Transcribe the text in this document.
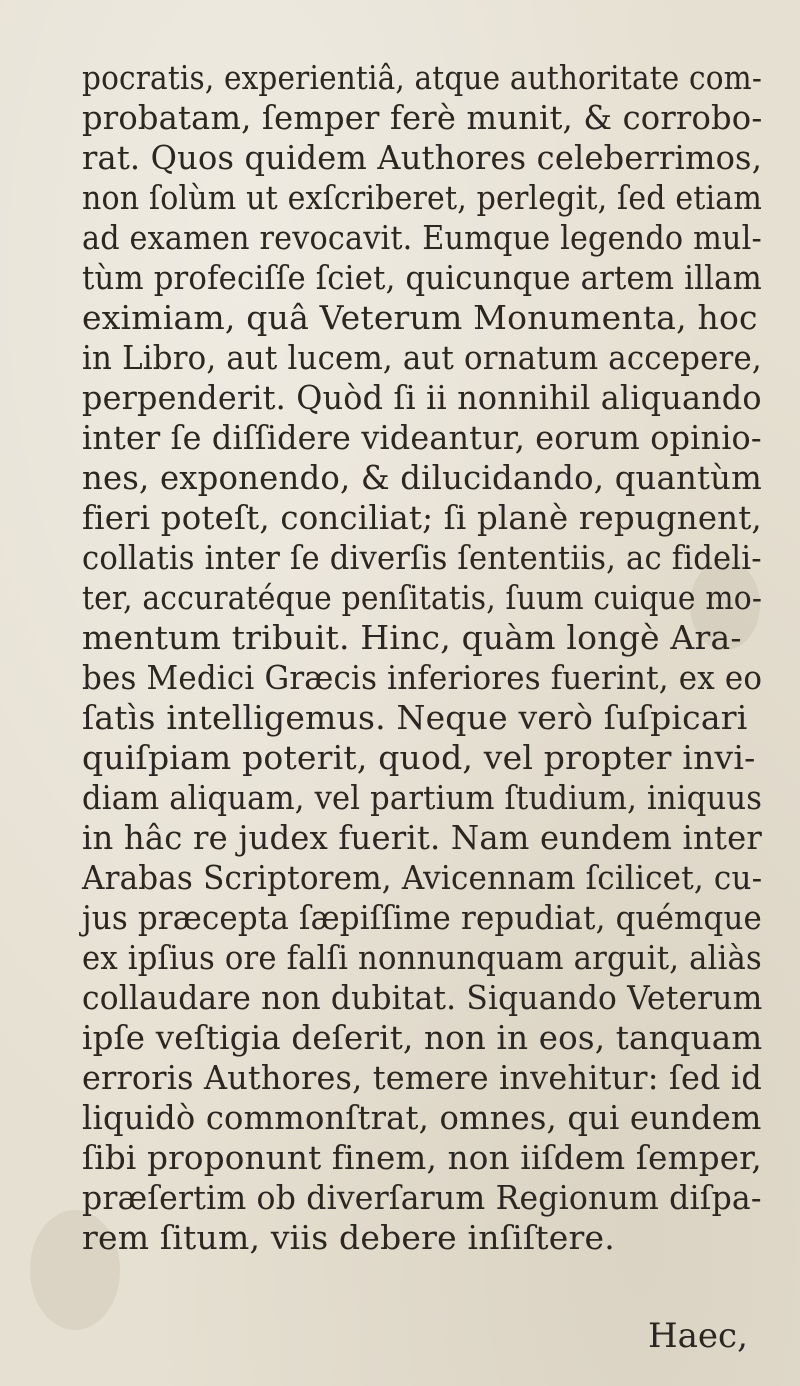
pocratis, experientiâ, atque authoritate com-
probatam, ſemper ferè munit, & corrobo-
rat. Quos quidem Authores celeberrimos,
non ſolùm ut exſcriberet, perlegit, ſed etiam
ad examen revocavit. Eumque legendo mul-
tùm profeciſſe ſciet, quicunque artem illam
eximiam, quâ Veterum Monumenta, hoc
in Libro, aut lucem, aut ornatum accepere,
perpenderit. Quòd ſi ii nonnihil aliquando
inter ſe diſſidere videantur, eorum opinio-
nes, exponendo, & dilucidando, quantùm
fieri poteſt, conciliat; ſi planè repugnent,
collatis inter ſe diverſis ſententiis, ac fideli-
ter, accuratéque penſitatis, ſuum cuique mo-
mentum tribuit. Hinc, quàm longè Ara-
bes Medici Græcis inferiores fuerint, ex eo
ſatìs intelligemus. Neque verò ſuſpicari
quiſpiam poterit, quod, vel propter invi-
diam aliquam, vel partium ſtudium, iniquus
in hâc re judex fuerit. Nam eundem inter
Arabas Scriptorem, Avicennam ſcilicet, cu-
jus præcepta ſæpiſſime repudiat, quémque
ex ipſius ore falſi nonnunquam arguit, aliàs
collaudare non dubitat. Siquando Veterum
ipſe veſtigia deſerit, non in eos, tanquam
erroris Authores, temere invehitur: ſed id
liquidò commonſtrat, omnes, qui eundem
ſibi proponunt finem, non iiſdem ſemper,
præſertim ob diverſarum Regionum diſpa-
rem ſitum, viis debere inſiſtere.
Haec,
